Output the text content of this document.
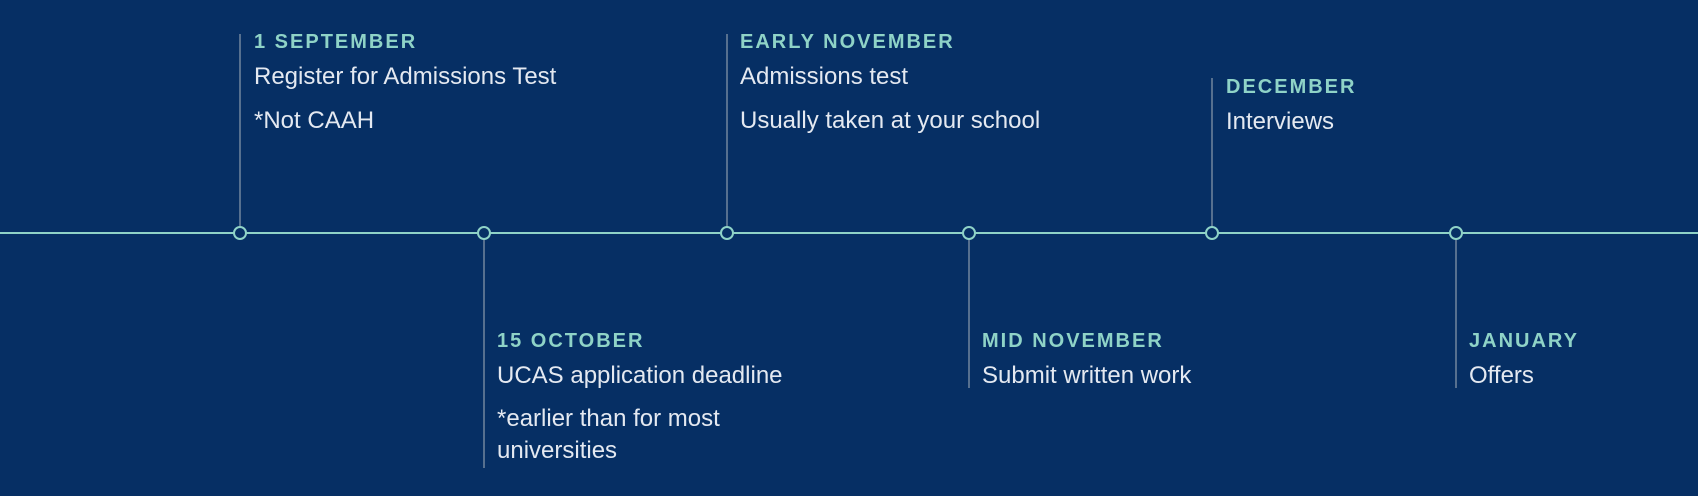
1 SEPTEMBER
Register for Admissions Test
*Not CAAH
15 OCTOBER
UCAS application deadline
*earlier than for most universities
EARLY NOVEMBER
Admissions test
Usually taken at your school
MID NOVEMBER
Submit written work
DECEMBER
Interviews
JANUARY
Offers
